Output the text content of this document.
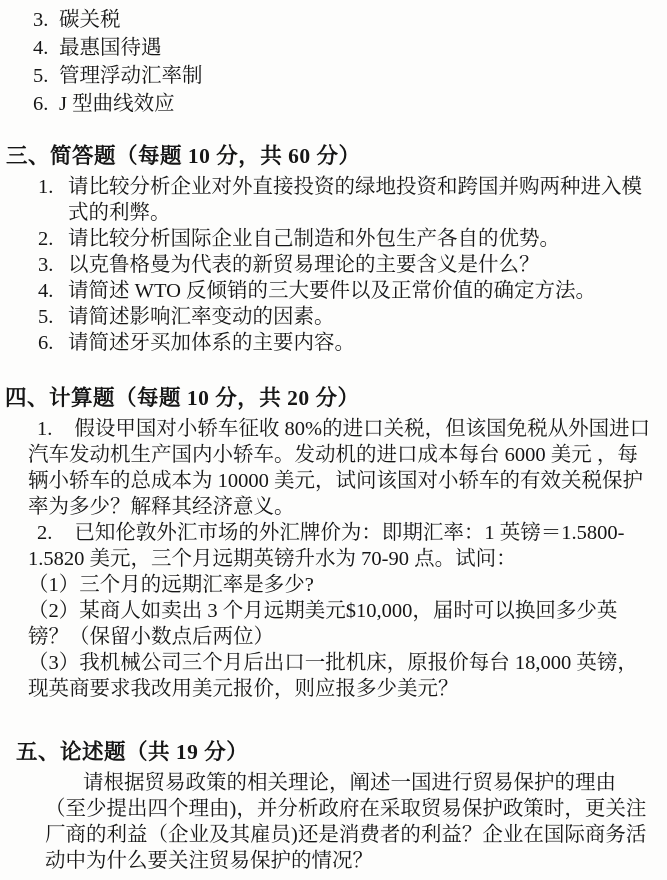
3. 碳关税
4. 最惠国待遇
5. 管理浮动汇率制
6. J 型曲线效应
三、简答题（每题 10 分，共 60 分）
1. 请比较分析企业对外直接投资的绿地投资和跨国并购两种进入模式的利弊。
2. 请比较分析国际企业自己制造和外包生产各自的优势。
3. 以克鲁格曼为代表的新贸易理论的主要含义是什么？
4. 请简述 WTO 反倾销的三大要件以及正常价值的确定方法。
5. 请简述影响汇率变动的因素。
6. 请简述牙买加体系的主要内容。
四、计算题（每题 10 分，共 20 分）

1. 假设甲国对小轿车征收 80%的进口关税，但该国免税从外国进口汽车发动机生产国内小轿车。发动机的进口成本每台 6000 美元 ，每辆小轿车的总成本为 10000 美元，试问该国对小轿车的有效关税保护率为多少？解释其经济意义。

2. 已知伦敦外汇市场的外汇牌价为：即期汇率：1 英镑＝1.5800-1.5820 美元，三个月远期英镑升水为 70-90 点。试问：

（1）三个月的远期汇率是多少?

（2）某商人如卖出 3 个月远期美元$10,000，届时可以换回多少英镑？（保留小数点后两位）

（3）我机械公司三个月后出口一批机床，原报价每台 18,000 英镑，现英商要求我改用美元报价，则应报多少美元？

五、论述题（共 19 分）

请根据贸易政策的相关理论，阐述一国进行贸易保护的理由（至少提出四个理由)，并分析政府在采取贸易保护政策时，更关注厂商的利益（企业及其雇员)还是消费者的利益？企业在国际商务活动中为什么要关注贸易保护的情况？
